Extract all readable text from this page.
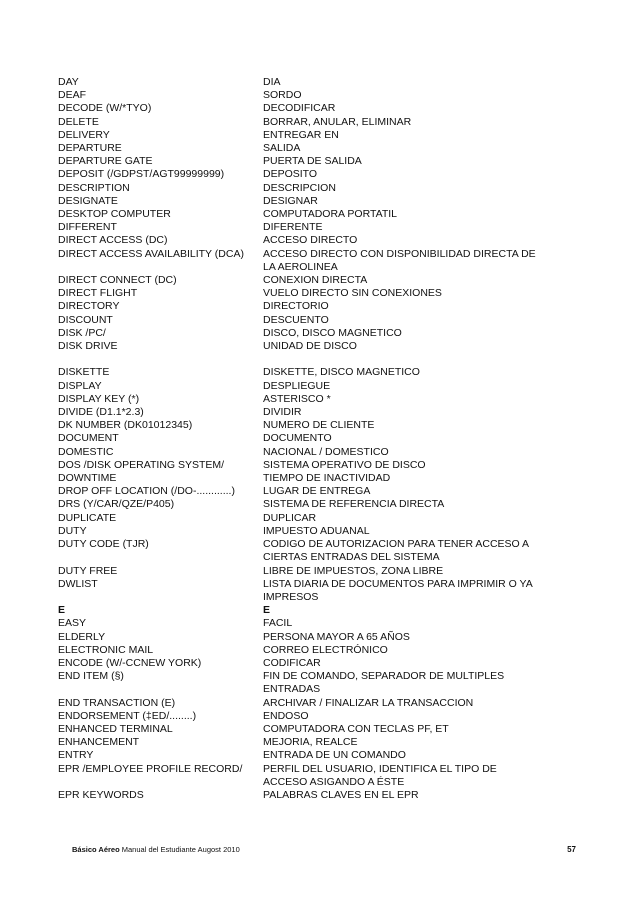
DAY	DIA
DEAF	SORDO
DECODE (W/*TYO)	DECODIFICAR
DELETE	BORRAR, ANULAR, ELIMINAR
DELIVERY	ENTREGAR EN
DEPARTURE	SALIDA
DEPARTURE GATE	PUERTA DE SALIDA
DEPOSIT (/GDPST/AGT99999999)	DEPOSITO
DESCRIPTION	DESCRIPCION
DESIGNATE	DESIGNAR
DESKTOP COMPUTER	COMPUTADORA PORTATIL
DIFFERENT	DIFERENTE
DIRECT ACCESS (DC)	ACCESO DIRECTO
DIRECT ACCESS AVAILABILITY (DCA)	ACCESO DIRECTO CON DISPONIBILIDAD DIRECTA DE
LA AEROLINEA
DIRECT CONNECT (DC)	CONEXION DIRECTA
DIRECT FLIGHT	VUELO DIRECTO SIN CONEXIONES
DIRECTORY	DIRECTORIO
DISCOUNT	DESCUENTO
DISK /PC/	DISCO, DISCO MAGNETICO
DISK DRIVE	UNIDAD DE DISCO
DISKETTE	DISKETTE, DISCO MAGNETICO
DISPLAY	DESPLIEGUE
DISPLAY KEY (*)	ASTERISCO *
DIVIDE (D1.1*2.3)	DIVIDIR
DK NUMBER (DK01012345)	NUMERO DE CLIENTE
DOCUMENT	DOCUMENTO
DOMESTIC	NACIONAL / DOMESTICO
DOS /DISK OPERATING SYSTEM/	SISTEMA OPERATIVO DE DISCO
DOWNTIME	TIEMPO DE INACTIVIDAD
DROP OFF LOCATION (/DO-............)	LUGAR DE ENTREGA
DRS (Y/CAR/QZE/P405)	SISTEMA DE REFERENCIA DIRECTA
DUPLICATE	DUPLICAR
DUTY	IMPUESTO ADUANAL
DUTY CODE (TJR)	CODIGO DE AUTORIZACION PARA TENER ACCESO A
CIERTAS ENTRADAS DEL SISTEMA
DUTY FREE	LIBRE DE IMPUESTOS, ZONA LIBRE
DWLIST	LISTA DIARIA DE DOCUMENTOS PARA IMPRIMIR O YA
IMPRESOS
E	E
EASY	FACIL
ELDERLY	PERSONA MAYOR A 65 AÑOS
ELECTRONIC MAIL	CORREO ELECTRÓNICO
ENCODE (W/-CCNEW YORK)	CODIFICAR
END ITEM (§)	FIN DE COMANDO, SEPARADOR DE MULTIPLES
ENTRADAS
END TRANSACTION (E)	ARCHIVAR / FINALIZAR LA TRANSACCION
ENDORSEMENT (‡ED/........)	ENDOSO
ENHANCED TERMINAL	COMPUTADORA CON TECLAS PF, ET
ENHANCEMENT	MEJORIA, REALCE
ENTRY	ENTRADA DE UN COMANDO
EPR /EMPLOYEE PROFILE RECORD/	PERFIL DEL USUARIO, IDENTIFICA EL TIPO DE
ACCESO ASIGANDO A ÉSTE
EPR KEYWORDS	PALABRAS CLAVES EN EL EPR
Básico Aéreo Manual del Estudiante Augost 2010	57
